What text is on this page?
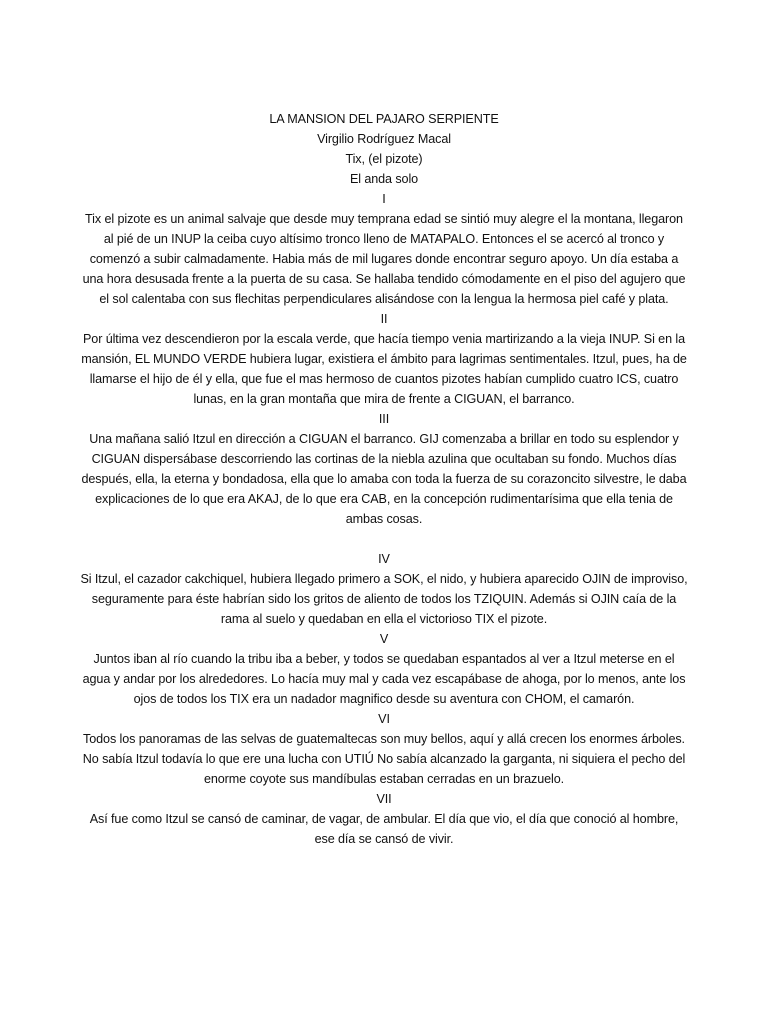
LA MANSION DEL PAJARO SERPIENTE
Virgilio Rodríguez Macal
Tix, (el pizote)
El anda solo
I
Tix el pizote es un animal salvaje que desde muy temprana edad se sintió muy alegre el la montana, llegaron al pié de un INUP la ceiba cuyo altísimo tronco lleno de MATAPALO. Entonces el se acercó al tronco y comenzó a subir calmadamente. Habia más de mil lugares donde encontrar seguro apoyo. Un día estaba a una hora desusada frente a la puerta de su casa. Se hallaba tendido cómodamente en el piso del agujero que el sol calentaba con sus flechitas perpendiculares alisándose con la lengua la hermosa piel café y plata.
II
Por última vez descendieron por la escala verde, que hacía tiempo venia martirizando a la vieja INUP. Si en la mansión, EL MUNDO VERDE hubiera lugar, existiera el ámbito para lagrimas sentimentales. Itzul, pues, ha de llamarse el hijo de él y ella, que fue el mas hermoso de cuantos pizotes habían cumplido cuatro ICS, cuatro lunas, en la gran montaña que mira de frente a CIGUAN, el barranco.
III
Una mañana salió Itzul en dirección a CIGUAN el barranco. GIJ comenzaba a brillar en todo su esplendor y CIGUAN dispersábase descorriendo las cortinas de la niebla azulina que ocultaban su fondo. Muchos días después, ella, la eterna y bondadosa, ella que lo amaba con toda la fuerza de su corazoncito silvestre, le daba explicaciones de lo que era AKAJ, de lo que era CAB, en la concepción rudimentarísima que ella tenia de ambas cosas.
IV
Si Itzul, el cazador cakchiquel, hubiera llegado primero a SOK, el nido, y hubiera aparecido OJIN de improviso, seguramente para éste habrían sido los gritos de aliento de todos los TZIQUIN. Además si OJIN caía de la rama al suelo y quedaban en ella el victorioso TIX el pizote.
V
Juntos iban al río cuando la tribu iba a beber, y todos se quedaban espantados al ver a Itzul meterse en el agua y andar por los alrededores. Lo hacía muy mal y cada vez escapábase de ahoga, por lo menos, ante los ojos de todos los TIX era un nadador magnifico desde su aventura con CHOM, el camarón.
VI
Todos los panoramas de las selvas de guatemaltecas son muy bellos, aquí y allá crecen los enormes árboles. No sabía Itzul todavía lo que ere una lucha con UTIÚ No sabía alcanzado la garganta, ni siquiera el pecho del enorme coyote sus mandíbulas estaban cerradas en un brazuelo.
VII
Así fue como Itzul se cansó de caminar, de vagar, de ambular. El día que vio, el día que conoció al hombre, ese día se cansó de vivir.
